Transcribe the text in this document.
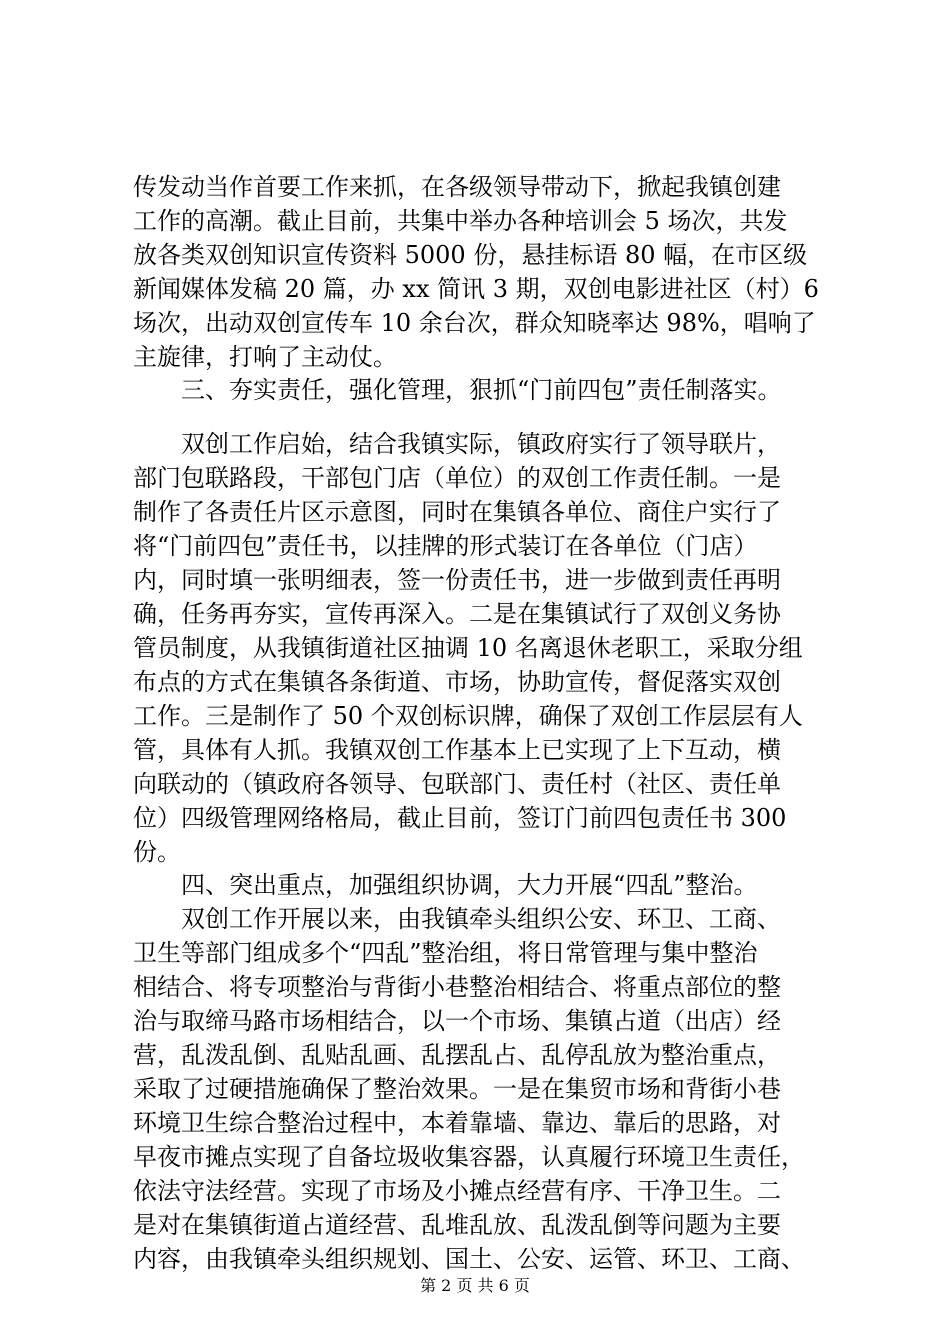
传发动当作首要工作来抓，在各级领导带动下，掀起我镇创建
工作的高潮。截止目前，共集中举办各种培训会 5 场次，共发
放各类双创知识宣传资料 5000 份，悬挂标语 80 幅，在市区级
新闻媒体发稿 20 篇，办 xx 简讯 3 期，双创电影进社区（村）6
场次，出动双创宣传车 10 余台次，群众知晓率达 98%，唱响了
主旋律，打响了主动仗。
三、夯实责任，强化管理，狠抓“门前四包”责任制落实。
双创工作启始，结合我镇实际，镇政府实行了领导联片，
部门包联路段，干部包门店（单位）的双创工作责任制。一是
制作了各责任片区示意图，同时在集镇各单位、商住户实行了
将“门前四包”责任书，以挂牌的形式装订在各单位（门店）
内，同时填一张明细表，签一份责任书，进一步做到责任再明
确，任务再夯实，宣传再深入。二是在集镇试行了双创义务协
管员制度，从我镇街道社区抽调 10 名离退休老职工，采取分组
布点的方式在集镇各条街道、市场，协助宣传，督促落实双创
工作。三是制作了 50 个双创标识牌，确保了双创工作层层有人
管，具体有人抓。我镇双创工作基本上已实现了上下互动，横
向联动的（镇政府各领导、包联部门、责任村（社区、责任单
位）四级管理网络格局，截止目前，签订门前四包责任书 300
份。
四、突出重点，加强组织协调，大力开展“四乱”整治。
双创工作开展以来，由我镇牵头组织公安、环卫、工商、
卫生等部门组成多个“四乱”整治组，将日常管理与集中整治
相结合、将专项整治与背街小巷整治相结合、将重点部位的整
治与取缔马路市场相结合，以一个市场、集镇占道（出店）经
营，乱泼乱倒、乱贴乱画、乱摆乱占、乱停乱放为整治重点，
采取了过硬措施确保了整治效果。一是在集贸市场和背街小巷
环境卫生综合整治过程中，本着靠墙、靠边、靠后的思路，对
早夜市摊点实现了自备垃圾收集容器，认真履行环境卫生责任，
依法守法经营。实现了市场及小摊点经营有序、干净卫生。二
是对在集镇街道占道经营、乱堆乱放、乱泼乱倒等问题为主要
内容，由我镇牵头组织规划、国土、公安、运管、环卫、工商、
第 2 页 共 6 页
